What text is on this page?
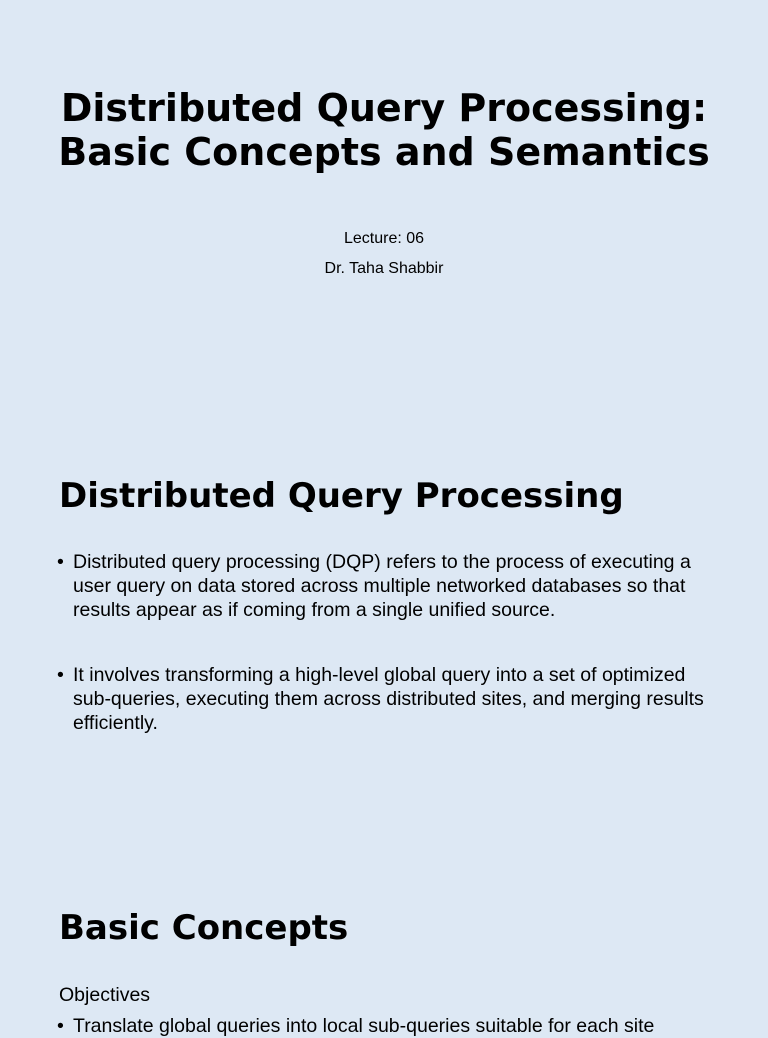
Distributed Query Processing: Basic Concepts and Semantics
Lecture: 06
Dr. Taha Shabbir
Distributed Query Processing
• Distributed query processing (DQP) refers to the process of executing a user query on data stored across multiple networked databases so that results appear as if coming from a single unified source.
• It involves transforming a high-level global query into a set of optimized sub-queries, executing them across distributed sites, and merging results efficiently.
Basic Concepts
Objectives
• Translate global queries into local sub-queries suitable for each site
